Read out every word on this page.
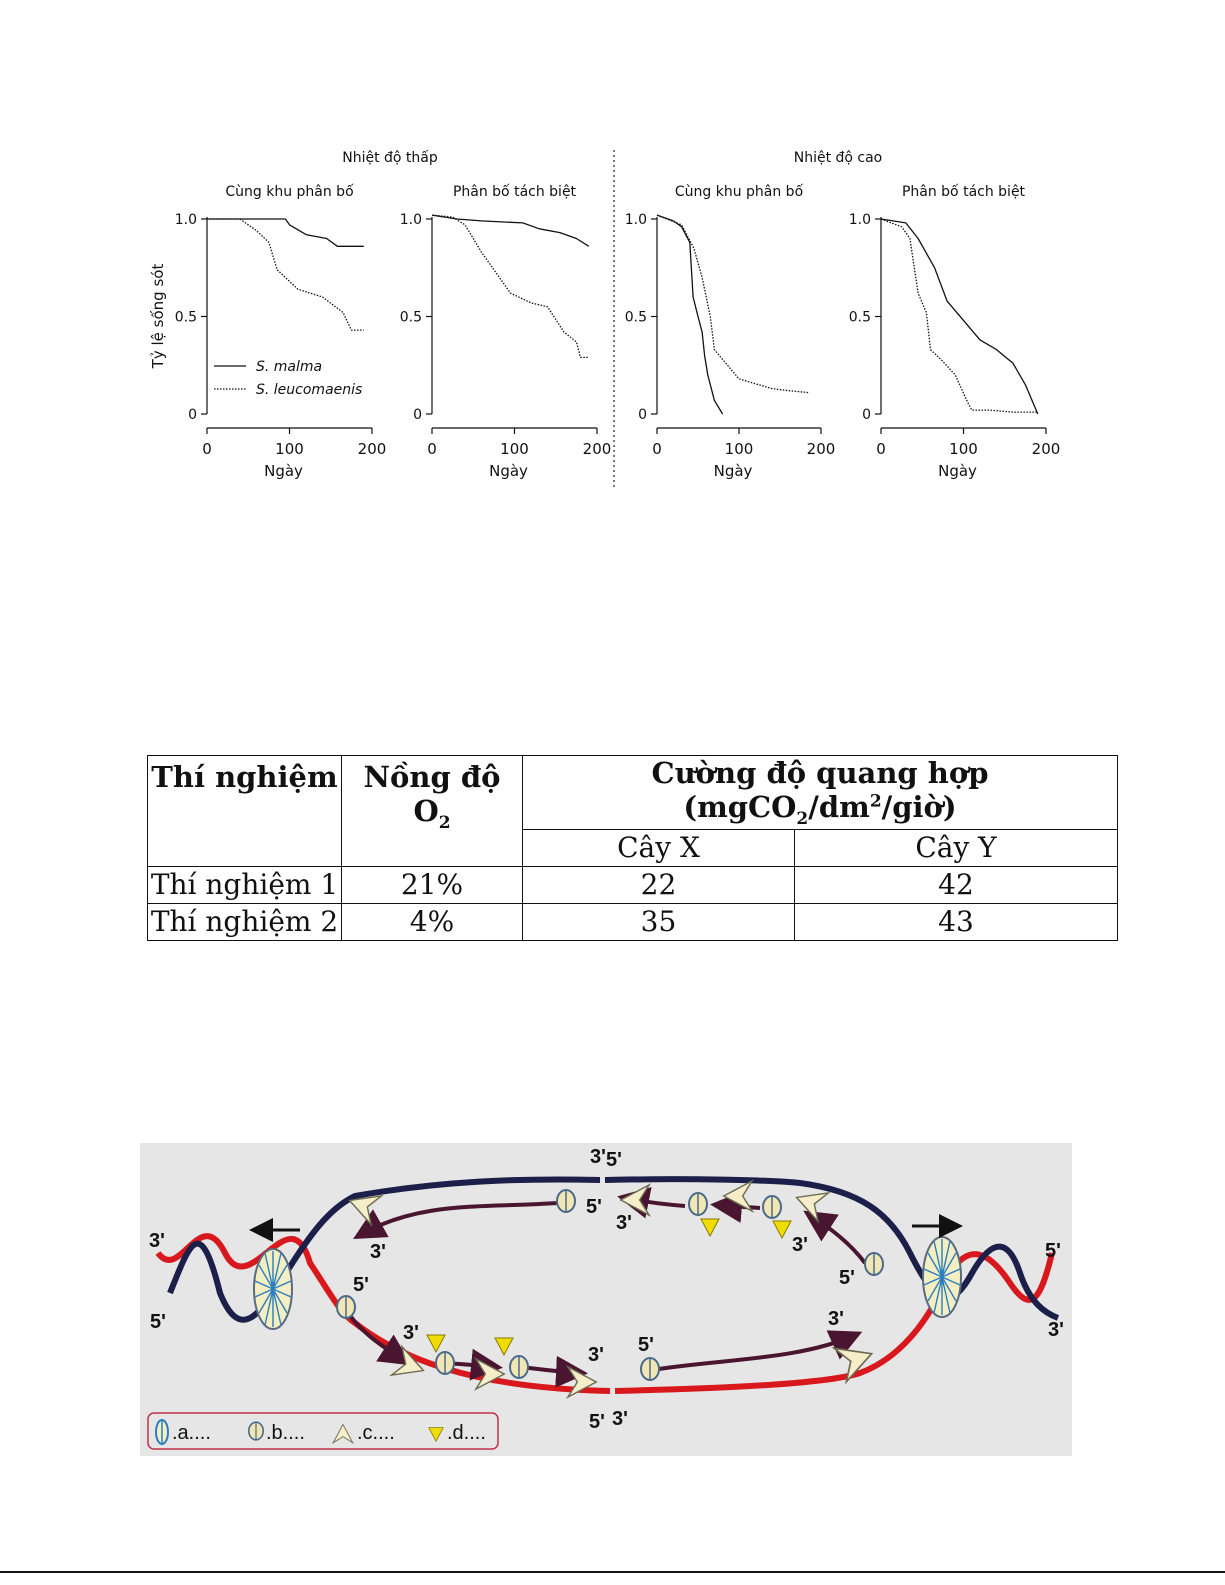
Nhiệt độ thấp	Nhiệt độ cao
Tỷ lệ sống sót	S. malma
S. leucomaenis
Cùng khu phân bố
0
0.5
1.0
0	100	200
Ngày
Phân bố tách biệt
0
0.5
1.0
0	100	200
Ngày
Cùng khu phân bố
0
0.5
1.0
0	100	200
Ngày
Phân bố tách biệt
0
0.5
1.0
0	100	200
Ngày
Thí nghiệm	Nồng độ $O_2$	Cường độ quang hợp $(mgCO_2/dm^2/giờ)$	
		Cây X	Cây Y
Thí nghiệm 1	21%	22	42
Thí nghiệm 2	4%	35	43
3'
5'
5'
3'
3' 5'
5' 3'
5'
3'
3'
5'	5'
3'
3'
3' 5'
3'
.a....	.b....	.c....	.d....
